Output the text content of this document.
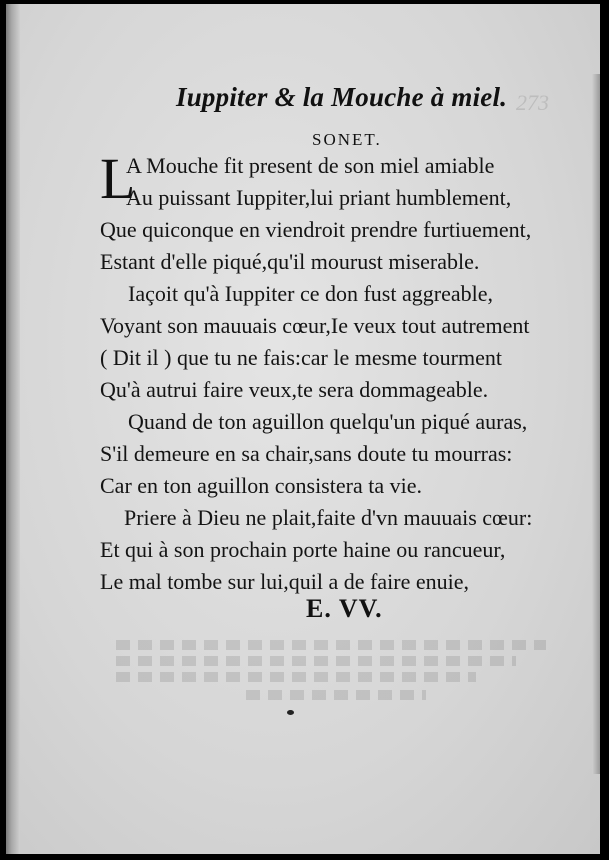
273
Iuppiter & la Mouche à miel.
SONET.
L
A Mouche fit present de son miel amiable
Au puissant Iuppiter,lui priant humblement,
Que quiconque en viendroit prendre furtiuement,
Estant d'elle piqué,qu'il mourust miserable.
Iaçoit qu'à Iuppiter ce don fust aggreable,
Voyant son mauuais cœur,Ie veux tout autrement
( Dit il ) que tu ne fais:car le mesme tourment
Qu'à autrui faire veux,te sera dommageable.
Quand de ton aguillon quelqu'un piqué auras,
S'il demeure en sa chair,sans doute tu mourras:
Car en ton aguillon consistera ta vie.
Priere à Dieu ne plait,faite d'vn mauuais cœur:
Et qui à son prochain porte haine ou rancueur,
Le mal tombe sur lui,quil a de faire enuie,
E. VV.
